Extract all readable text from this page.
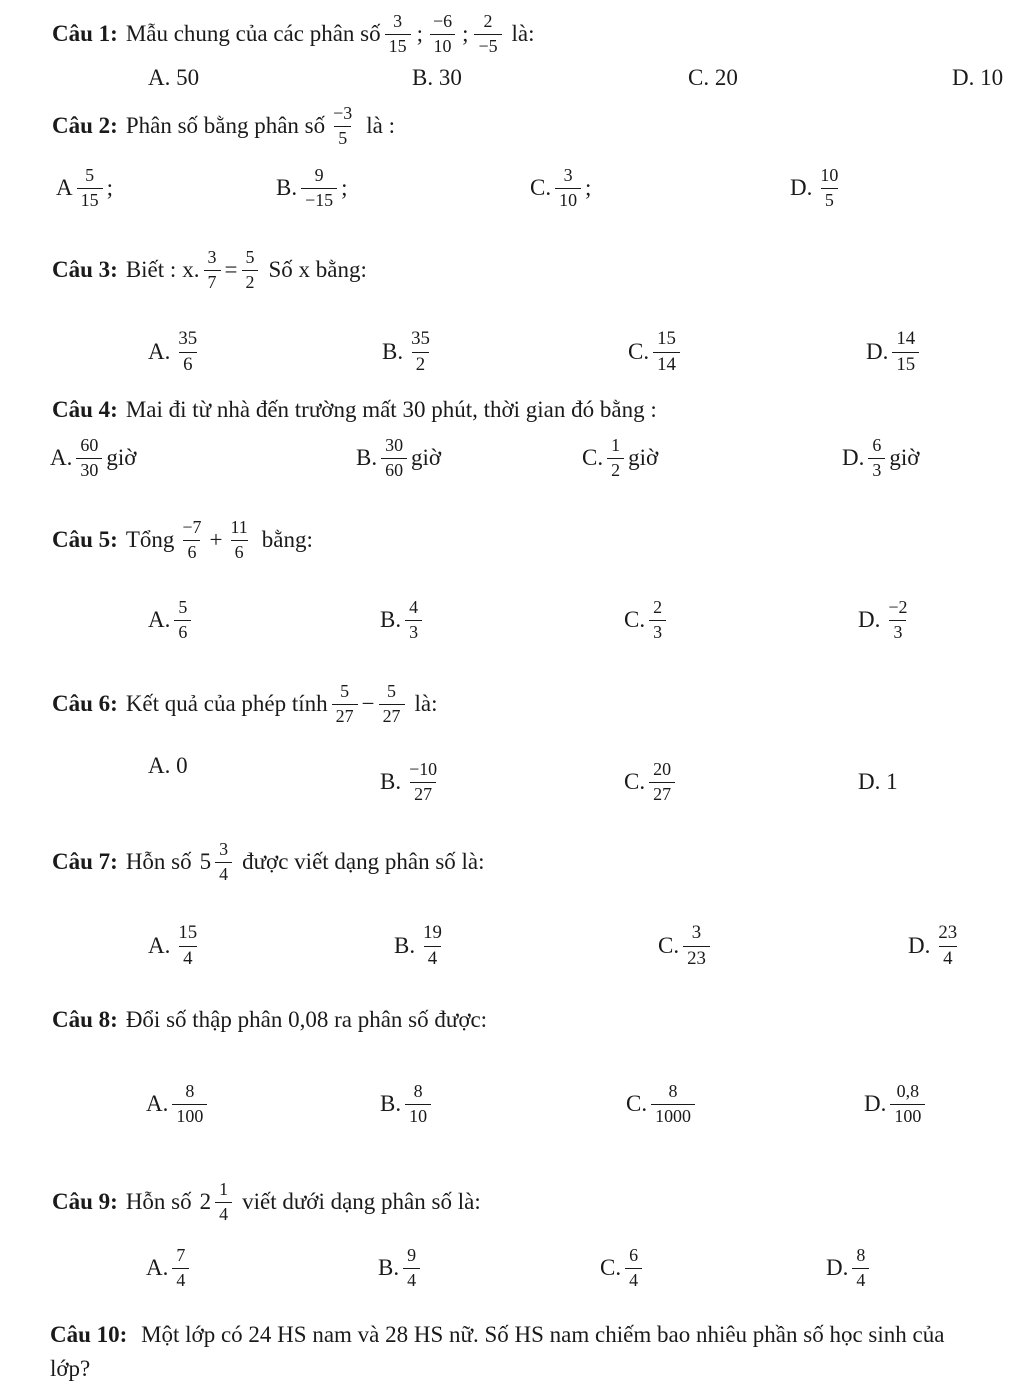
Câu 1: Mẫu chung của các phân số $\frac{3}{15}$ ; $\frac{-6}{10}$ ; $\frac{2}{-5}$ là:
A. 50	B. 30	C. 20	D. 10
Câu 2: Phân số bằng phân số $\frac{-3}{5}$ là :
A $\frac{5}{15}$ ;	B. $\frac{9}{-15}$ ;	C. $\frac{3}{10}$ ;	D. $\frac{10}{5}$
Câu 3: Biết : x. $\frac{3}{7} = \frac{5}{2}$ Số x bằng:
A. $\frac{35}{6}$	B. $\frac{35}{2}$	C. $\frac{15}{14}$	D. $\frac{14}{15}$
Câu 4: Mai đi từ nhà đến trường mất 30 phút, thời gian đó bằng :
A. $\frac{60}{30}$ giờ	B. $\frac{30}{60}$ giờ	C. $\frac{1}{2}$ giờ	D. $\frac{6}{3}$ giờ
Câu 5: Tổng $\frac{-7}{6} + \frac{11}{6}$ bằng:
A. $\frac{5}{6}$	B. $\frac{4}{3}$	C. $\frac{2}{3}$	D. $\frac{-2}{3}$
Câu 6: Kết quả của phép tính $\frac{5}{27} - \frac{5}{27}$ là:
A. 0
B. $\frac{-10}{27}$	C. $\frac{20}{27}$	D. 1
Câu 7: Hỗn số $5 \frac{3}{4}$ được viết dạng phân số là:
A. $\frac{15}{4}$	B. $\frac{19}{4}$	C. $\frac{3}{23}$	D. $\frac{23}{4}$
Câu 8: Đổi số thập phân 0,08 ra phân số được:
A. $\frac{8}{100}$	B. $\frac{8}{10}$	C. $\frac{8}{1000}$	D. $\frac{0,8}{100}$
Câu 9: Hỗn số $2 \frac{1}{4}$ viết dưới dạng phân số là:
A. $\frac{7}{4}$	B. $\frac{9}{4}$	C. $\frac{6}{4}$	D. $\frac{8}{4}$
Câu 10: Một lớp có 24 HS nam và 28 HS nữ. Số HS nam chiếm bao nhiêu phần số học sinh của lớp?
